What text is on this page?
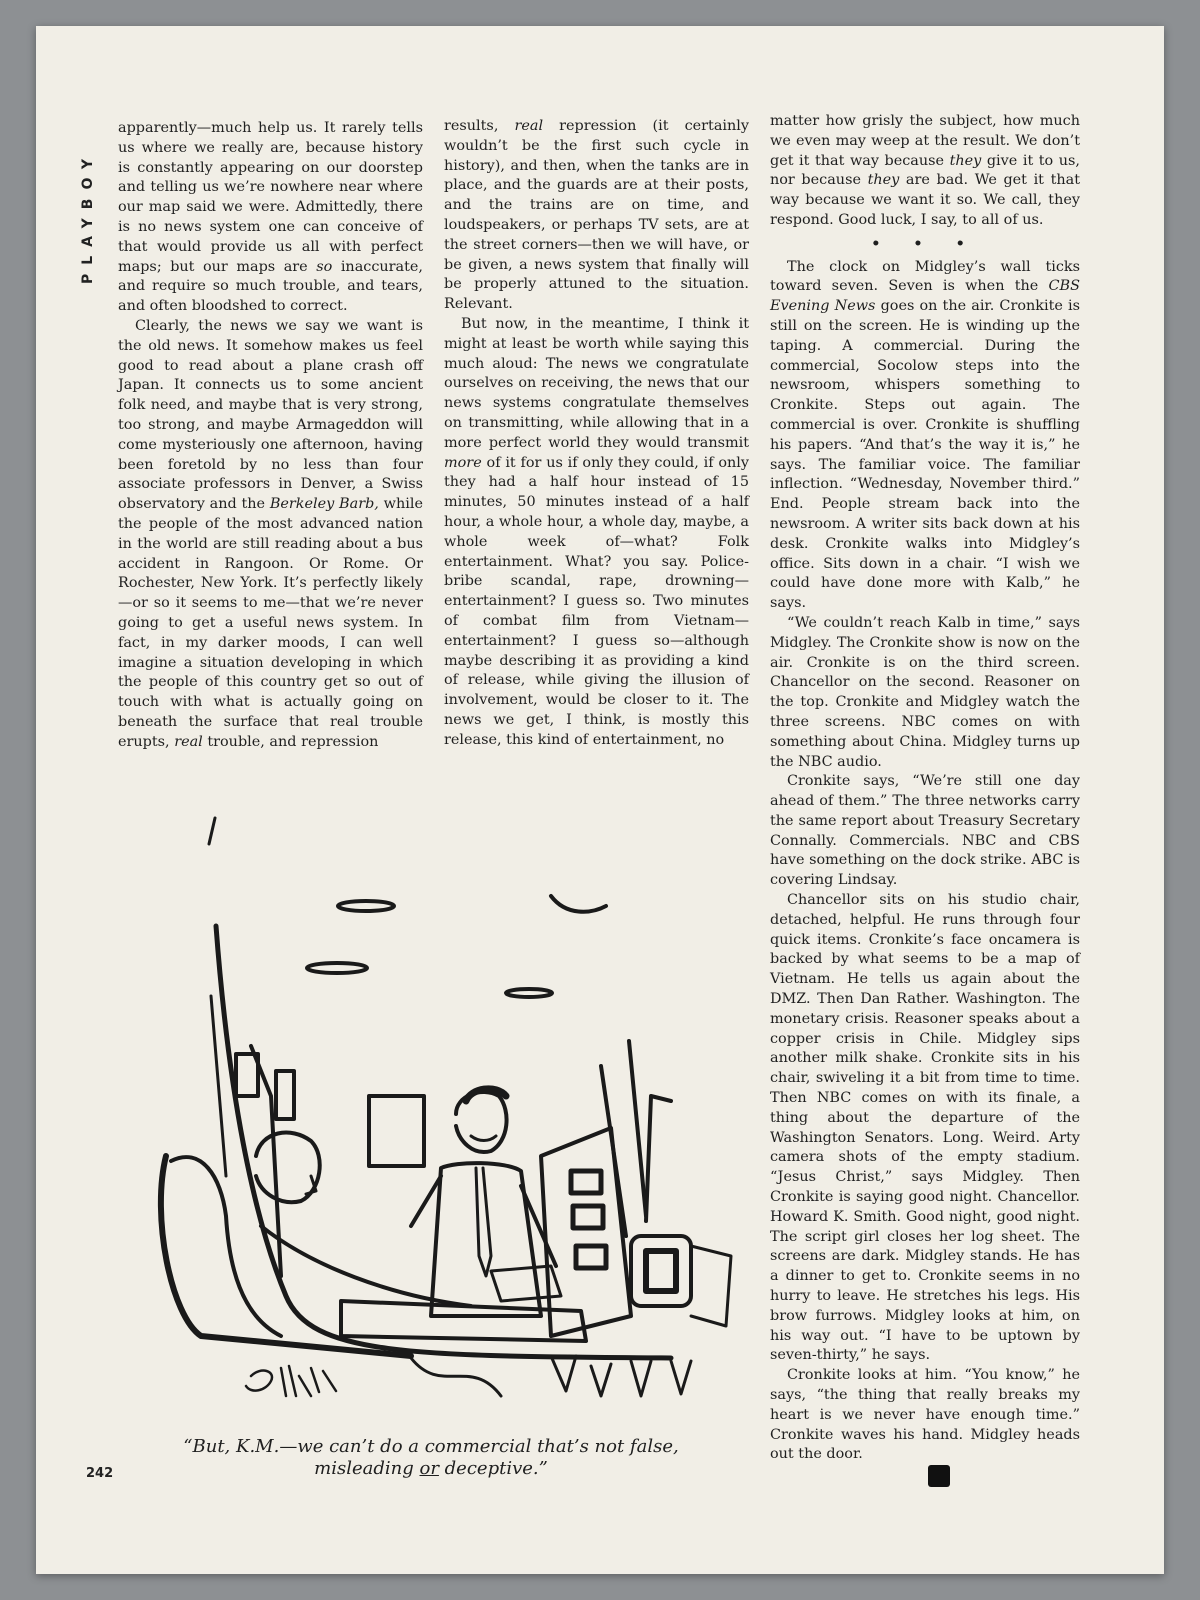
PLAYBOY

apparently—much help us. It rarely tells us where we really are, because history is constantly appearing on our doorstep and telling us we’re nowhere near where our map said we were. Admittedly, there is no news system one can conceive of that would provide us all with perfect maps; but our maps are so inaccurate, and require so much trouble, and tears, and often bloodshed to correct.

Clearly, the news we say we want is the old news. It somehow makes us feel good to read about a plane crash off Japan. It connects us to some ancient folk need, and maybe that is very strong, too strong, and maybe Armageddon will come mysteriously one afternoon, having been foretold by no less than four associate professors in Denver, a Swiss observatory and the Berkeley Barb, while the people of the most advanced nation in the world are still reading about a bus accident in Rangoon. Or Rome. Or Rochester, New York. It’s perfectly likely—or so it seems to me—that we’re never going to get a useful news system. In fact, in my darker moods, I can well imagine a situation developing in which the people of this country get so out of touch with what is actually going on beneath the surface that real trouble erupts, real trouble, and repression

results, real repression (it certainly wouldn’t be the first such cycle in history), and then, when the tanks are in place, and the guards are at their posts, and the trains are on time, and loudspeakers, or perhaps TV sets, are at the street corners—then we will have, or be given, a news system that finally will be properly attuned to the situation. Relevant.

But now, in the meantime, I think it might at least be worth while saying this much aloud: The news we congratulate ourselves on receiving, the news that our news systems congratulate themselves on transmitting, while allowing that in a more perfect world they would transmit more of it for us if only they could, if only they had a half hour instead of 15 minutes, 50 minutes instead of a half hour, a whole hour, a whole day, maybe, a whole week of—what? Folk entertainment. What? you say. Police-bribe scandal, rape, drowning—entertainment? I guess so. Two minutes of combat film from Vietnam—entertainment? I guess so—although maybe describing it as providing a kind of release, while giving the illusion of involvement, would be closer to it. The news we get, I think, is mostly this release, this kind of entertainment, no

matter how grisly the subject, how much we even may weep at the result. We don’t get it that way because they give it to us, nor because they are bad. We get it that way because we want it so. We call, they respond. Good luck, I say, to all of us.

• • •

The clock on Midgley’s wall ticks toward seven. Seven is when the CBS Evening News goes on the air. Cronkite is still on the screen. He is winding up the taping. A commercial. During the commercial, Socolow steps into the newsroom, whispers something to Cronkite. Steps out again. The commercial is over. Cronkite is shuffling his papers. “And that’s the way it is,” he says. The familiar voice. The familiar inflection. “Wednesday, November third.” End. People stream back into the newsroom. A writer sits back down at his desk. Cronkite walks into Midgley’s office. Sits down in a chair. “I wish we could have done more with Kalb,” he says.

“We couldn’t reach Kalb in time,” says Midgley. The Cronkite show is now on the air. Cronkite is on the third screen. Chancellor on the second. Reasoner on the top. Cronkite and Midgley watch the three screens. NBC comes on with something about China. Midgley turns up the NBC audio.

Cronkite says, “We’re still one day ahead of them.” The three networks carry the same report about Treasury Secretary Connally. Commercials. NBC and CBS have something on the dock strike. ABC is covering Lindsay.

Chancellor sits on his studio chair, detached, helpful. He runs through four quick items. Cronkite’s face oncamera is backed by what seems to be a map of Vietnam. He tells us again about the DMZ. Then Dan Rather. Washington. The monetary crisis. Reasoner speaks about a copper crisis in Chile. Midgley sips another milk shake. Cronkite sits in his chair, swiveling it a bit from time to time. Then NBC comes on with its finale, a thing about the departure of the Washington Senators. Long. Weird. Arty camera shots of the empty stadium. “Jesus Christ,” says Midgley. Then Cronkite is saying good night. Chancellor. Howard K. Smith. Good night, good night. The script girl closes her log sheet. The screens are dark. Midgley stands. He has a dinner to get to. Cronkite seems in no hurry to leave. He stretches his legs. His brow furrows. Midgley looks at him, on his way out. “I have to be uptown by seven-thirty,” he says.

Cronkite looks at him. “You know,” he says, “the thing that really breaks my heart is we never have enough time.” Cronkite waves his hand. Midgley heads out the door.

“But, K.M.—we can’t do a commercial that’s not false,
misleading or deceptive.”
242
